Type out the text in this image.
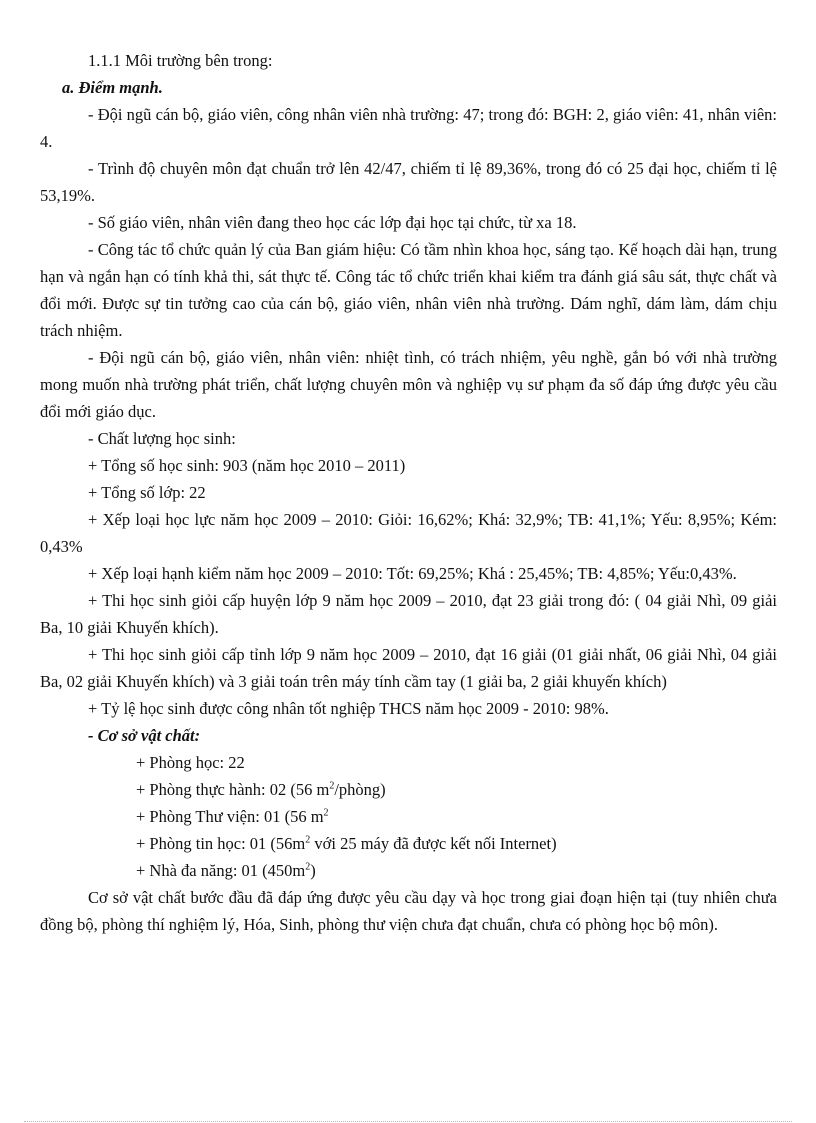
1.1.1 Môi trường bên trong:

a. Điểm mạnh.

- Đội ngũ cán bộ, giáo viên, công nhân viên nhà trường: 47; trong đó: BGH: 2, giáo viên: 41, nhân viên: 4.

- Trình độ chuyên môn đạt chuẩn trở lên 42/47, chiếm tỉ lệ 89,36%, trong đó có 25 đại học, chiếm tỉ lệ 53,19%.

- Số giáo viên, nhân viên đang theo học các lớp đại học tại chức, từ xa 18.

- Công tác tổ chức quản lý của Ban giám hiệu: Có tầm nhìn khoa học, sáng tạo. Kế hoạch dài hạn, trung hạn và ngắn hạn có tính khả thi, sát thực tế. Công tác tổ chức triển khai kiểm tra đánh giá sâu sát, thực chất và đổi mới. Được sự tin tưởng cao của cán bộ, giáo viên, nhân viên nhà trường. Dám nghĩ, dám làm, dám chịu trách nhiệm.

- Đội ngũ cán bộ, giáo viên, nhân viên: nhiệt tình, có trách nhiệm, yêu nghề, gắn bó với nhà trường mong muốn nhà trường phát triển, chất lượng chuyên môn và nghiệp vụ sư phạm đa số đáp ứng được yêu cầu đổi mới giáo dục.

- Chất lượng học sinh:

+ Tổng số học sinh: 903 (năm học 2010 – 2011)

+ Tổng số lớp: 22

+ Xếp loại học lực năm học 2009 – 2010: Giỏi: 16,62%; Khá: 32,9%; TB: 41,1%; Yếu: 8,95%; Kém: 0,43%

+ Xếp loại hạnh kiểm năm học 2009 – 2010: Tốt: 69,25%; Khá : 25,45%; TB: 4,85%; Yếu:0,43%.

+ Thi học sinh giỏi cấp huyện lớp 9 năm học 2009 – 2010, đạt 23 giải trong đó: ( 04 giải Nhì, 09 giải Ba, 10 giải Khuyến khích).

+ Thi học sinh giỏi cấp tỉnh lớp 9 năm học 2009 – 2010, đạt 16 giải (01 giải nhất, 06 giải Nhì, 04 giải Ba, 02 giải Khuyến khích) và 3 giải toán trên máy tính cầm tay (1 giải ba, 2 giải khuyến khích)

+ Tỷ lệ học sinh được công nhân tốt nghiệp THCS năm học 2009 - 2010: 98%.

- Cơ sở vật chất:

+ Phòng học: 22

+ Phòng thực hành: 02 (56 $m^2/phòng$)

+ Phòng Thư viện: 01 (56 $m^2$

+ Phòng tin học: 01 ($56m^2$ với 25 máy đã được kết nối Internet)

+ Nhà đa năng: 01 $(450m^2)$

Cơ sở vật chất bước đầu đã đáp ứng được yêu cầu dạy và học trong giai đoạn hiện tại (tuy nhiên chưa đồng bộ, phòng thí nghiệm lý, Hóa, Sinh, phòng thư viện chưa đạt chuẩn, chưa có phòng học bộ môn).
